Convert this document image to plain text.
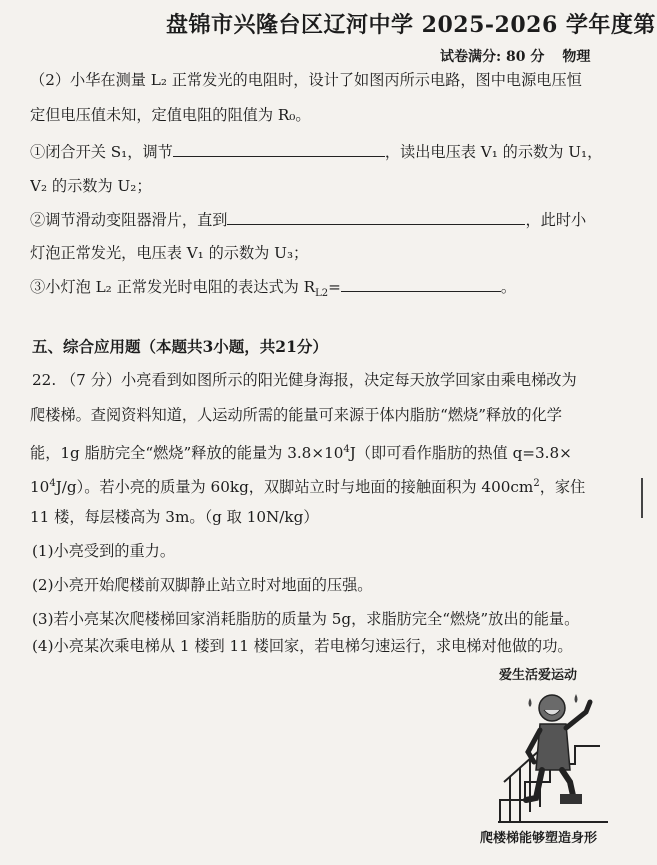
盘锦市兴隆台区辽河中学 2025-2026 学年度第
试卷满分: 80 分 物理
（2）小华在测量 L₂ 正常发光的电阻时，设计了如图丙所示电路，图中电源电压恒
定但电压值未知，定值电阻的阻值为 R₀。
①闭合开关 S₁，调节	，读出电压表 V₁ 的示数为 U₁，
V₂ 的示数为 U₂；
②调节滑动变阻器滑片，直到	，此时小
灯泡正常发光，电压表 V₁ 的示数为 U₃；
③小灯泡 L₂ 正常发光时电阻的表达式为 $R_{L2}=$	。
五、综合应用题（本题共3小题，共21分）
22. （7 分）小亮看到如图所示的阳光健身海报，决定每天放学回家由乘电梯改为
爬楼梯。查阅资料知道，人运动所需的能量可来源于体内脂肪“燃烧”释放的化学
能，1g 脂肪完全“燃烧”释放的能量为 $3.8\times 10^4J$（即可看作脂肪的热值 q=3.8×
$10^4J/g$）。若小亮的质量为 60kg，双脚站立时与地面的接触面积为 $400cm^2$，家住
11 楼，每层楼高为 3m。（g 取 10N/kg）
(1)小亮受到的重力。
(2)小亮开始爬楼前双脚静止站立时对地面的压强。
(3)若小亮某次爬楼梯回家消耗脂肪的质量为 5g，求脂肪完全“燃烧”放出的能量。
(4)小亮某次乘电梯从 1 楼到 11 楼回家，若电梯匀速运行，求电梯对他做的功。
爱生活爱运动
爬楼梯能够塑造身形
